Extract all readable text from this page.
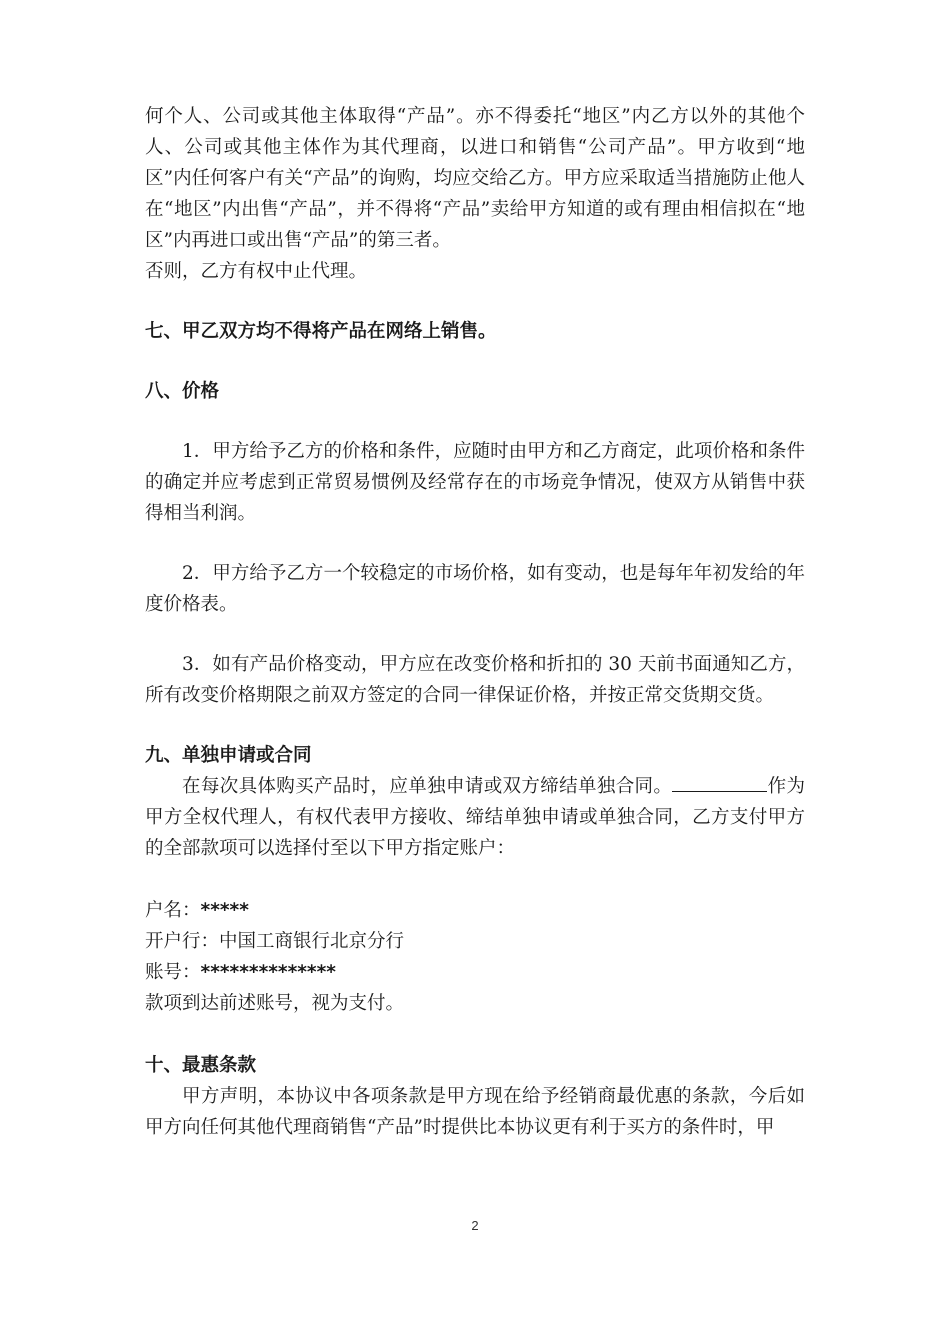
何个人、公司或其他主体取得“产品”。亦不得委托“地区”内乙方以外的其他个人、公司或其他主体作为其代理商，以进口和销售“公司产品”。甲方收到“地区”内任何客户有关“产品”的询购，均应交给乙方。甲方应采取适当措施防止他人在“地区”内出售“产品”，并不得将“产品”卖给甲方知道的或有理由相信拟在“地区”内再进口或出售“产品”的第三者。

否则，乙方有权中止代理。

七、甲乙双方均不得将产品在网络上销售。

八、价格

1．甲方给予乙方的价格和条件，应随时由甲方和乙方商定，此项价格和条件的确定并应考虑到正常贸易惯例及经常存在的市场竞争情况，使双方从销售中获得相当利润。

2．甲方给予乙方一个较稳定的市场价格，如有变动，也是每年年初发给的年度价格表。

3．如有产品价格变动，甲方应在改变价格和折扣的 30 天前书面通知乙方，所有改变价格期限之前双方签定的合同一律保证价格，并按正常交货期交货。

九、单独申请或合同

在每次具体购买产品时，应单独申请或双方缔结单独合同。	作为甲方全权代理人，有权代表甲方接收、缔结单独申请或单独合同，乙方支付甲方的全部款项可以选择付至以下甲方指定账户：

户名：*****

开户行：中国工商银行北京分行

账号：**************

款项到达前述账号，视为支付。

十、最惠条款

甲方声明，本协议中各项条款是甲方现在给予经销商最优惠的条款，今后如甲方向任何其他代理商销售“产品”时提供比本协议更有利于买方的条件时，甲

2
